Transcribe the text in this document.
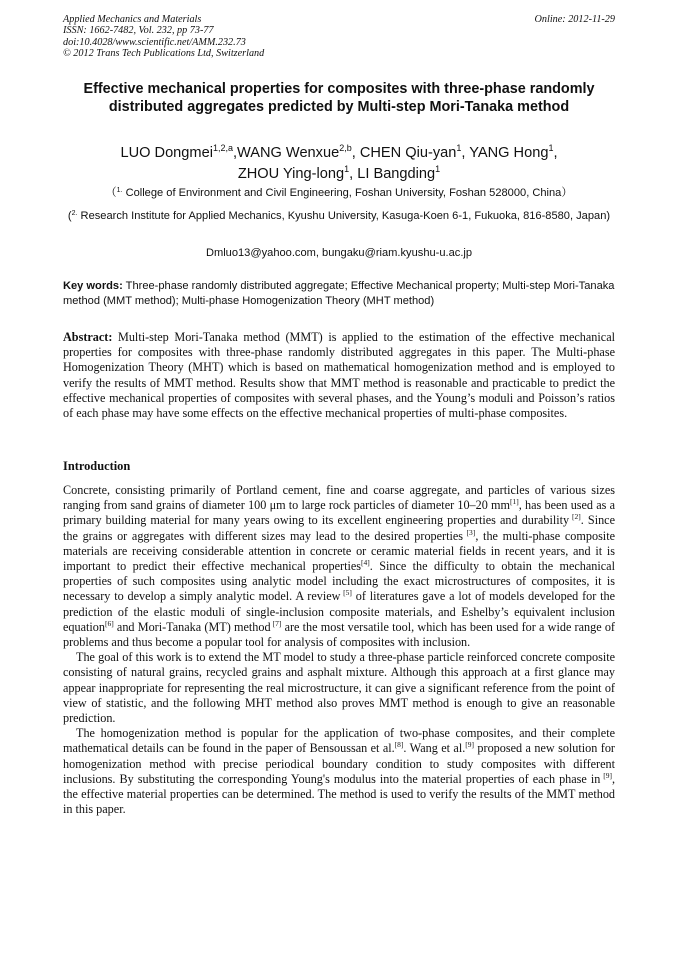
Applied Mechanics and Materials
ISSN: 1662-7482, Vol. 232, pp 73-77
doi:10.4028/www.scientific.net/AMM.232.73
© 2012 Trans Tech Publications Ltd, Switzerland
Online: 2012-11-29
Effective mechanical properties for composites with three-phase randomly distributed aggregates predicted by Multi-step Mori-Tanaka method
LUO Dongmei$^{1,2,a}$,WANG Wenxue$^{2,b}$, CHEN Qiu-yan$^1$, YANG Hong$^1$,
ZHOU Ying-long$^1$, LI Bangding$^1$
（$^{1.}$ College of Environment and Civil Engineering, Foshan University, Foshan 528000, China）
($^{2.}$ Research Institute for Applied Mechanics, Kyushu University, Kasuga-Koen 6-1, Fukuoka, 816-8580, Japan)
Dmluo13@yahoo.com, bungaku@riam.kyushu-u.ac.jp
Key words: Three-phase randomly distributed aggregate; Effective Mechanical property; Multi-step Mori-Tanaka method (MMT method); Multi-phase Homogenization Theory (MHT method)
Abstract: Multi-step Mori-Tanaka method (MMT) is applied to the estimation of the effective mechanical properties for composites with three-phase randomly distributed aggregates in this paper. The Multi-phase Homogenization Theory (MHT) which is based on mathematical homogenization method and is employed to verify the results of MMT method. Results show that MMT method is reasonable and practicable to predict the effective mechanical properties of composites with several phases, and the Young’s moduli and Poisson’s ratios of each phase may have some effects on the effective mechanical properties of multi-phase composites.
Introduction

Concrete, consisting primarily of Portland cement, fine and coarse aggregate, and particles of various sizes ranging from sand grains of diameter 100 μm to large rock particles of diameter 10–20 mm[1], has been used as a primary building material for many years owing to its excellent engineering properties and durability [2]. Since the grains or aggregates with different sizes may lead to the desired properties [3], the multi-phase composite materials are receiving considerable attention in concrete or ceramic material fields in recent years, and it is important to predict their effective mechanical properties[4]. Since the difficulty to obtain the mechanical properties of such composites using analytic model including the exact microstructures of composites, it is necessary to develop a simply analytic model. A review [5] of literatures gave a lot of models developed for the prediction of the elastic moduli of single-inclusion composite materials, and Eshelby’s equivalent inclusion equation[6] and Mori-Tanaka (MT) method [7] are the most versatile tool, which has been used for a wide range of problems and thus become a popular tool for analysis of composites with inclusion.

The goal of this work is to extend the MT model to study a three-phase particle reinforced concrete composite consisting of natural grains, recycled grains and asphalt mixture. Although this approach at a first glance may appear inappropriate for representing the real microstructure, it can give a significant reference from the point of view of statistic, and the following MHT method also proves MMT method is enough to give an reasonable prediction.

The homogenization method is popular for the application of two-phase composites, and their complete mathematical details can be found in the paper of Bensoussan et al.[8]. Wang et al.[9] proposed a new solution for homogenization method with precise periodical boundary condition to study composites with different inclusions. By substituting the corresponding Young's modulus into the material properties of each phase in [9], the effective material properties can be determined. The method is used to verify the results of the MMT method in this paper.
